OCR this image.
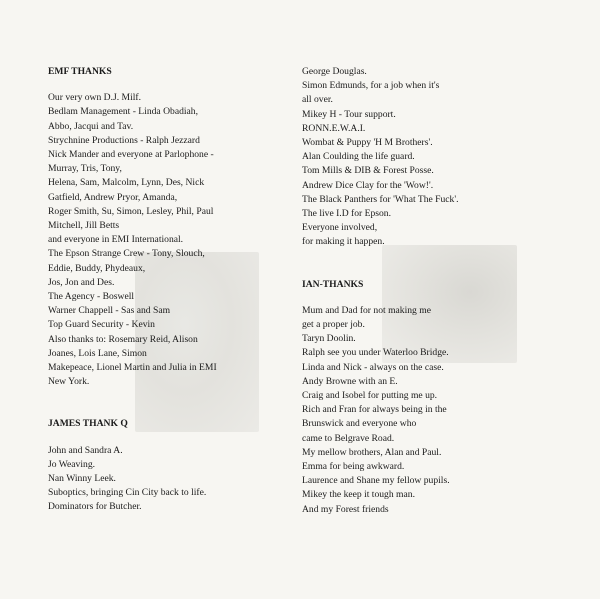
EMF THANKS

Our very own D.J. Milf.

Bedlam Management - Linda Obadiah,

Abbo, Jacqui and Tav.

Strychnine Productions - Ralph Jezzard

Nick Mander and everyone at Parlophone -

Murray, Tris, Tony,

Helena, Sam, Malcolm, Lynn, Des, Nick

Gatfield, Andrew Pryor, Amanda,

Roger Smith, Su, Simon, Lesley, Phil, Paul

Mitchell, Jill Betts

and everyone in EMI International.

The Epson Strange Crew - Tony, Slouch,

Eddie, Buddy, Phydeaux,

Jos, Jon and Des.

The Agency - Boswell

Warner Chappell - Sas and Sam

Top Guard Security - Kevin

Also thanks to: Rosemary Reid, Alison

Joanes, Lois Lane, Simon

Makepeace, Lionel Martin and Julia in EMI

New York.

JAMES THANK Q

John and Sandra A.

Jo Weaving.

Nan Winny Leek.

Suboptics, bringing Cin City back to life.

Dominators for Butcher.

George Douglas.

Simon Edmunds, for a job when it's

all over.

Mikey H - Tour support.

RONN.E.W.A.I.

Wombat & Puppy 'H M Brothers'.

Alan Coulding the life guard.

Tom Mills & DIB & Forest Posse.

Andrew Dice Clay for the 'Wow!'.

The Black Panthers for 'What The Fuck'.

The live I.D for Epson.

Everyone involved,

for making it happen.

IAN-THANKS

Mum and Dad for not making me

get a proper job.

Taryn Doolin.

Ralph see you under Waterloo Bridge.

Linda and Nick - always on the case.

Andy Browne with an E.

Craig and Isobel for putting me up.

Rich and Fran for always being in the

Brunswick and everyone who

came to Belgrave Road.

My mellow brothers, Alan and Paul.

Emma for being awkward.

Laurence and Shane my fellow pupils.

Mikey the keep it tough man.

And my Forest friends
